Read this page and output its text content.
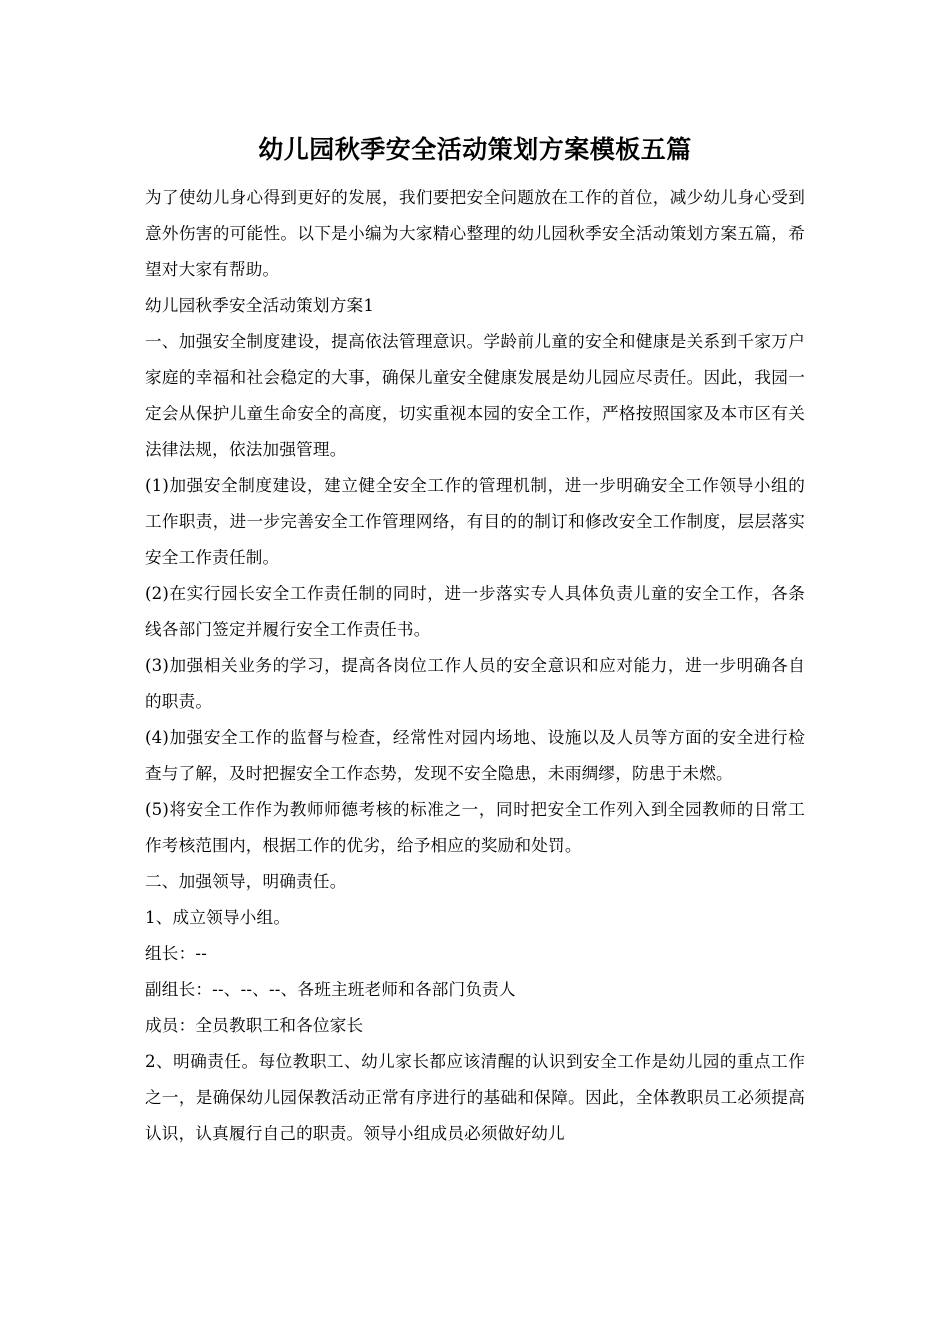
幼儿园秋季安全活动策划方案模板五篇

为了使幼儿身心得到更好的发展，我们要把安全问题放在工作的首位，减少幼儿身心受到意外伤害的可能性。以下是小编为大家精心整理的幼儿园秋季安全活动策划方案五篇，希望对大家有帮助。

幼儿园秋季安全活动策划方案1

一、加强安全制度建设，提高依法管理意识。学龄前儿童的安全和健康是关系到千家万户家庭的幸福和社会稳定的大事，确保儿童安全健康发展是幼儿园应尽责任。因此，我园一定会从保护儿童生命安全的高度，切实重视本园的安全工作，严格按照国家及本市区有关法律法规，依法加强管理。

(1)加强安全制度建设，建立健全安全工作的管理机制，进一步明确安全工作领导小组的工作职责，进一步完善安全工作管理网络，有目的的制订和修改安全工作制度，层层落实安全工作责任制。

(2)在实行园长安全工作责任制的同时，进一步落实专人具体负责儿童的安全工作，各条线各部门签定并履行安全工作责任书。

(3)加强相关业务的学习，提高各岗位工作人员的安全意识和应对能力，进一步明确各自的职责。

(4)加强安全工作的监督与检查，经常性对园内场地、设施以及人员等方面的安全进行检查与了解，及时把握安全工作态势，发现不安全隐患，未雨绸缪，防患于未燃。

(5)将安全工作作为教师师德考核的标准之一，同时把安全工作列入到全园教师的日常工作考核范围内，根据工作的优劣，给予相应的奖励和处罚。

二、加强领导，明确责任。

1、成立领导小组。

组长：--

副组长：--、--、--、各班主班老师和各部门负责人

成员：全员教职工和各位家长

2、明确责任。每位教职工、幼儿家长都应该清醒的认识到安全工作是幼儿园的重点工作之一，是确保幼儿园保教活动正常有序进行的基础和保障。因此，全体教职员工必须提高认识，认真履行自己的职责。领导小组成员必须做好幼儿
